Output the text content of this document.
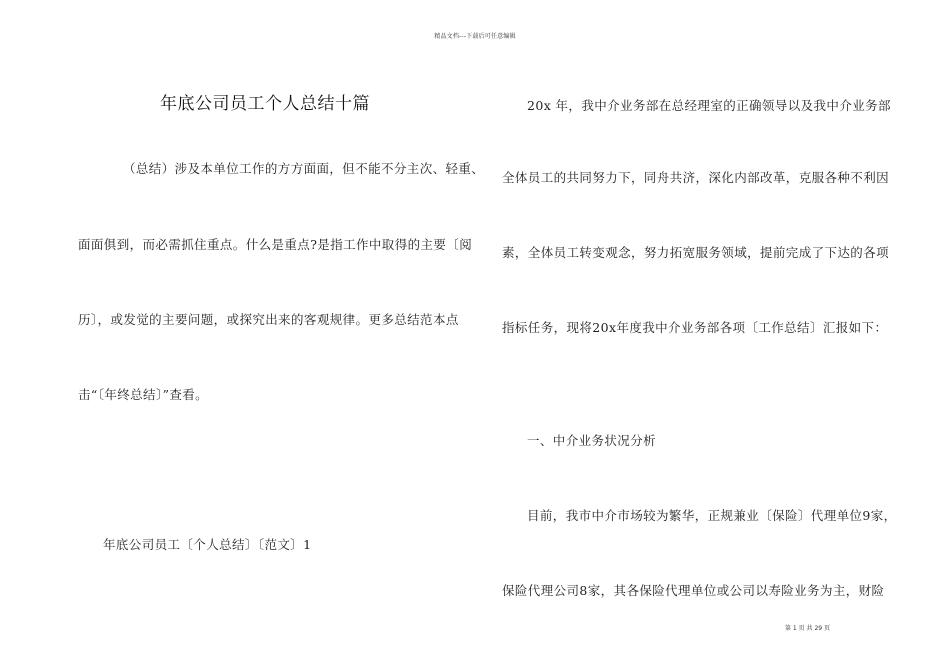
精品文档---下载后可任意编辑
年底公司员工个人总结十篇
（总结）涉及本单位工作的方方面面，但不能不分主次、轻重、
面面俱到，而必需抓住重点。什么是重点?是指工作中取得的主要〔阅
历〕，或发觉的主要问题，或探究出来的客观规律。更多总结范本点
击“〔年终总结〕”查看。
年底公司员工〔个人总结〕〔范文〕1
20x 年，我中介业务部在总经理室的正确领导以及我中介业务部
全体员工的共同努力下，同舟共济，深化内部改革，克服各种不利因
素，全体员工转变观念，努力拓宽服务领域，提前完成了下达的各项
指标任务，现将20x年度我中介业务部各项〔工作总结〕汇报如下：
一、中介业务状况分析
目前，我市中介市场较为繁华，正规兼业〔保险〕代理单位9家，
保险代理公司8家，其各保险代理单位或公司以寿险业务为主，财险
第 1 页 共 29 页
